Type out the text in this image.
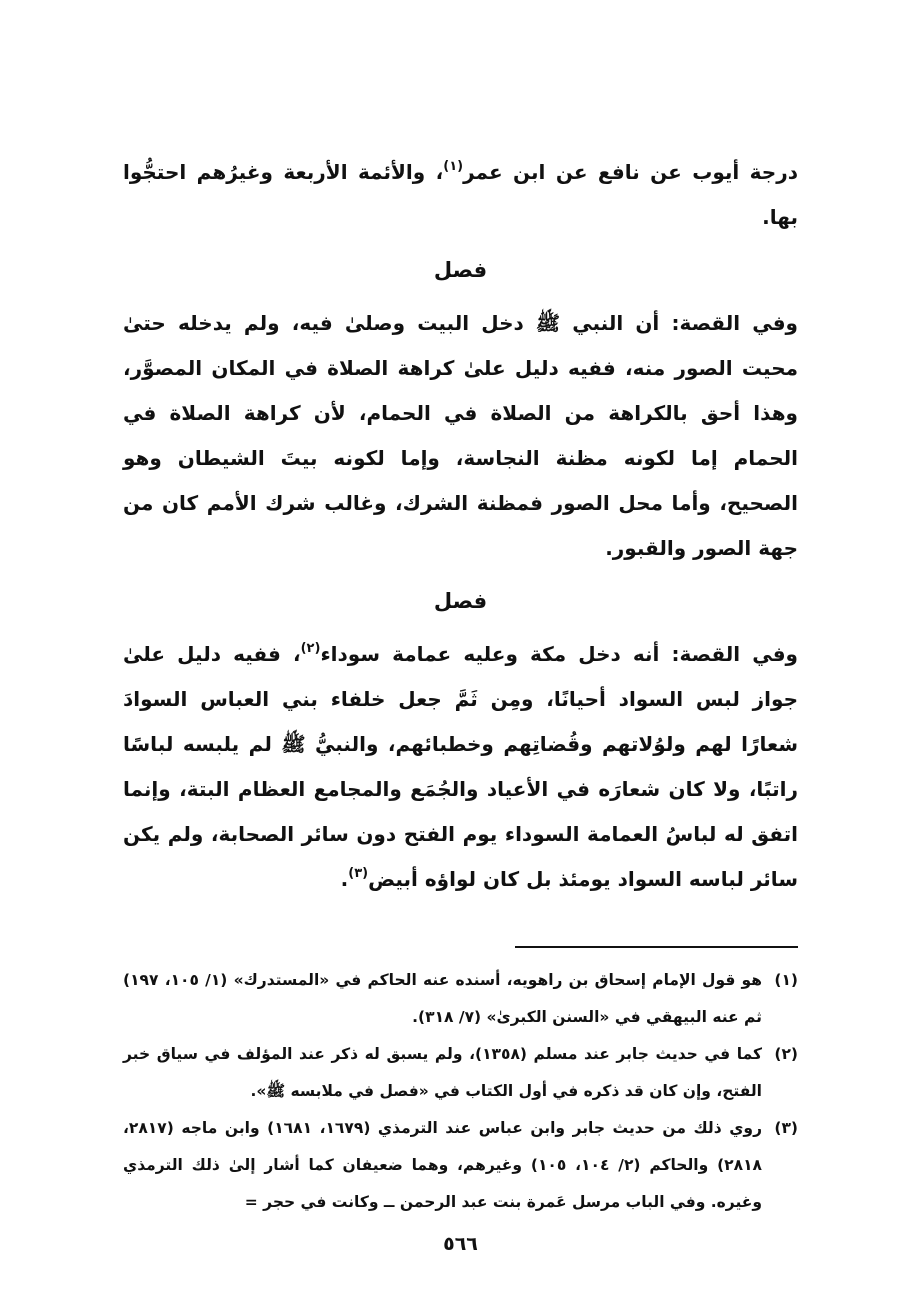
درجة أيوب عن نافع عن ابن عمر$^{(١)}$، والأئمة الأربعة وغيرُهم احتجُّوا بها.

فصل

وفي القصة: أن النبي ﷺ دخل البيت وصلىٰ فيه، ولم يدخله حتىٰ محيت الصور منه، ففيه دليل علىٰ كراهة الصلاة في المكان المصوَّر، وهذا أحق بالكراهة من الصلاة في الحمام، لأن كراهة الصلاة في الحمام إما لكونه مظنة النجاسة، وإما لكونه بيتَ الشيطان وهو الصحيح، وأما محل الصور فمظنة الشرك، وغالب شرك الأمم كان من جهة الصور والقبور.

فصل

وفي القصة: أنه دخل مكة وعليه عمامة سوداء$^{(٢)}$، ففيه دليل علىٰ جواز لبس السواد أحيانًا، ومِن ثَمَّ جعل خلفاء بني العباس السوادَ شعارًا لهم ولوُلاتهم وقُضاتِهم وخطبائهم، والنبيُّ ﷺ لم يلبسه لباسًا راتبًا، ولا كان شعارَه في الأعياد والجُمَع والمجامع العظام البتة، وإنما اتفق له لباسُ العمامة السوداء يوم الفتح دون سائر الصحابة، ولم يكن سائر لباسه السواد يومئذ بل كان لواؤه أبيض$^{(٣)}$.

(١)
هو قول الإمام إسحاق بن راهويه، أسنده عنه الحاكم في «المستدرك» (١/ ١٠٥، ١٩٧) ثم عنه البيهقي في «السنن الكبرىٰ» (٧/ ٣١٨).
(٢)
كما في حديث جابر عند مسلم (١٣٥٨)، ولم يسبق له ذكر عند المؤلف في سياق خبر الفتح، وإن كان قد ذكره في أول الكتاب في «فصل في ملابسه ﷺ».
(٣)
روي ذلك من حديث جابر وابن عباس عند الترمذي (١٦٧٩، ١٦٨١) وابن ماجه (٢٨١٧، ٢٨١٨) والحاكم (٢/ ١٠٤، ١٠٥) وغيرهم، وهما ضعيفان كما أشار إلىٰ ذلك الترمذي وغيره. وفي الباب مرسل عَمرة بنت عبد الرحمن ــ وكانت في حجر =
٥٦٦
